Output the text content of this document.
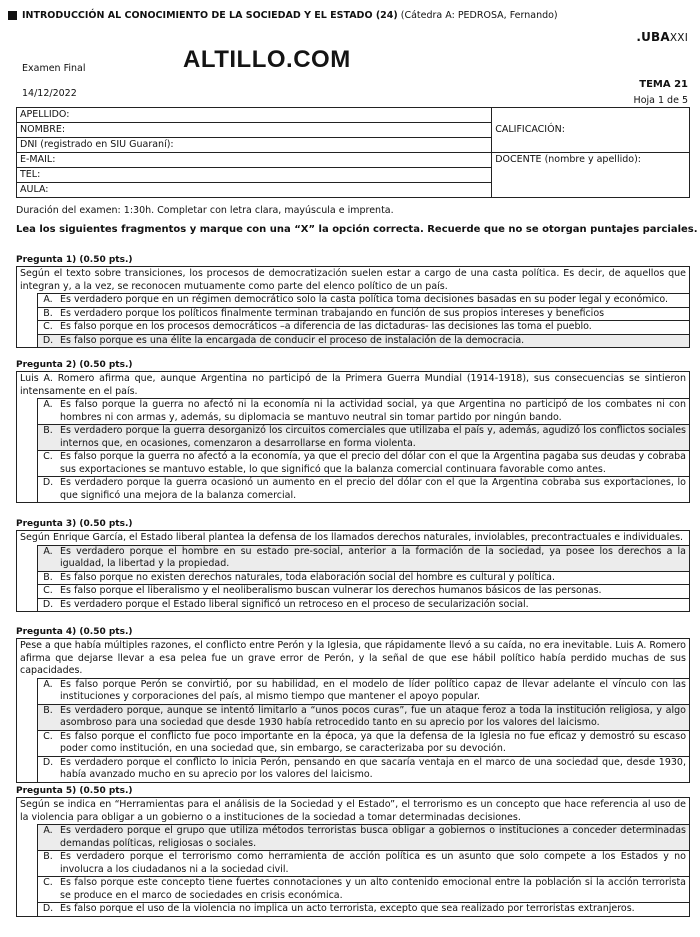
INTRODUCCIÓN AL CONOCIMIENTO DE LA SOCIEDAD Y EL ESTADO (24) (Cátedra A: PEDROSA, Fernando)
.UBAXXI
ALTILLO.COM
Examen Final
14/12/2022
TEMA 21
Hoja 1 de 5
APELLIDO:	CALIFICACIÓN:
NOMBRE:	
DNI (registrado en SIU Guaraní):	
E-MAIL:	DOCENTE (nombre y apellido):
TEL:	
AULA:	
Duración del examen: 1:30h. Completar con letra clara, mayúscula e imprenta.
Lea los siguientes fragmentos y marque con una “X” la opción correcta. Recuerde que no se otorgan puntajes parciales.
Pregunta 1) (0.50 pts.)
Según el texto sobre transiciones, los procesos de democratización suelen estar a cargo de una casta política. Es decir, de aquellos que integran y, a la vez, se reconocen mutuamente como parte del elenco político de un país.
A. Es verdadero porque en un régimen democrático solo la casta política toma decisiones basadas en su poder legal y económico.
B. Es verdadero porque los políticos finalmente terminan trabajando en función de sus propios intereses y beneficios
C. Es falso porque en los procesos democráticos –a diferencia de las dictaduras- las decisiones las toma el pueblo.
D. Es falso porque es una élite la encargada de conducir el proceso de instalación de la democracia.
Pregunta 2) (0.50 pts.)
Luis A. Romero afirma que, aunque Argentina no participó de la Primera Guerra Mundial (1914-1918), sus consecuencias se sintieron intensamente en el país.
A. Es falso porque la guerra no afectó ni la economía ni la actividad social, ya que Argentina no participó de los combates ni con hombres ni con armas y, además, su diplomacia se mantuvo neutral sin tomar partido por ningún bando.
B. Es verdadero porque la guerra desorganizó los circuitos comerciales que utilizaba el país y, además, agudizó los conflictos sociales internos que, en ocasiones, comenzaron a desarrollarse en forma violenta.
C. Es falso porque la guerra no afectó a la economía, ya que el precio del dólar con el que la Argentina pagaba sus deudas y cobraba sus exportaciones se mantuvo estable, lo que significó que la balanza comercial continuara favorable como antes.
D. Es verdadero porque la guerra ocasionó un aumento en el precio del dólar con el que la Argentina cobraba sus exportaciones, lo que significó una mejora de la balanza comercial.
Pregunta 3) (0.50 pts.)
Según Enrique García, el Estado liberal plantea la defensa de los llamados derechos naturales, inviolables, precontractuales e individuales.
A. Es verdadero porque el hombre en su estado pre-social, anterior a la formación de la sociedad, ya posee los derechos a la igualdad, la libertad y la propiedad.
B. Es falso porque no existen derechos naturales, toda elaboración social del hombre es cultural y política.
C. Es falso porque el liberalismo y el neoliberalismo buscan vulnerar los derechos humanos básicos de las personas.
D. Es verdadero porque el Estado liberal significó un retroceso en el proceso de secularización social.
Pregunta 4) (0.50 pts.)
Pese a que había múltiples razones, el conflicto entre Perón y la Iglesia, que rápidamente llevó a su caída, no era inevitable. Luis A. Romero afirma que dejarse llevar a esa pelea fue un grave error de Perón, y la señal de que ese hábil político había perdido muchas de sus capacidades.
A. Es falso porque Perón se convirtió, por su habilidad, en el modelo de líder político capaz de llevar adelante el vínculo con las instituciones y corporaciones del país, al mismo tiempo que mantener el apoyo popular.
B. Es verdadero porque, aunque se intentó limitarlo a “unos pocos curas”, fue un ataque feroz a toda la institución religiosa, y algo asombroso para una sociedad que desde 1930 había retrocedido tanto en su aprecio por los valores del laicismo.
C. Es falso porque el conflicto fue poco importante en la época, ya que la defensa de la Iglesia no fue eficaz y demostró su escaso poder como institución, en una sociedad que, sin embargo, se caracterizaba por su devoción.
D. Es verdadero porque el conflicto lo inicia Perón, pensando en que sacaría ventaja en el marco de una sociedad que, desde 1930, había avanzado mucho en su aprecio por los valores del laicismo.
Pregunta 5) (0.50 pts.)
Según se indica en “Herramientas para el análisis de la Sociedad y el Estado”, el terrorismo es un concepto que hace referencia al uso de la violencia para obligar a un gobierno o a instituciones de la sociedad a tomar determinadas decisiones.
A. Es verdadero porque el grupo que utiliza métodos terroristas busca obligar a gobiernos o instituciones a conceder determinadas demandas políticas, religiosas o sociales.
B. Es verdadero porque el terrorismo como herramienta de acción política es un asunto que solo compete a los Estados y no involucra a los ciudadanos ni a la sociedad civil.
C. Es falso porque este concepto tiene fuertes connotaciones y un alto contenido emocional entre la población si la acción terrorista se produce en el marco de sociedades en crisis económica.
D. Es falso porque el uso de la violencia no implica un acto terrorista, excepto que sea realizado por terroristas extranjeros.
